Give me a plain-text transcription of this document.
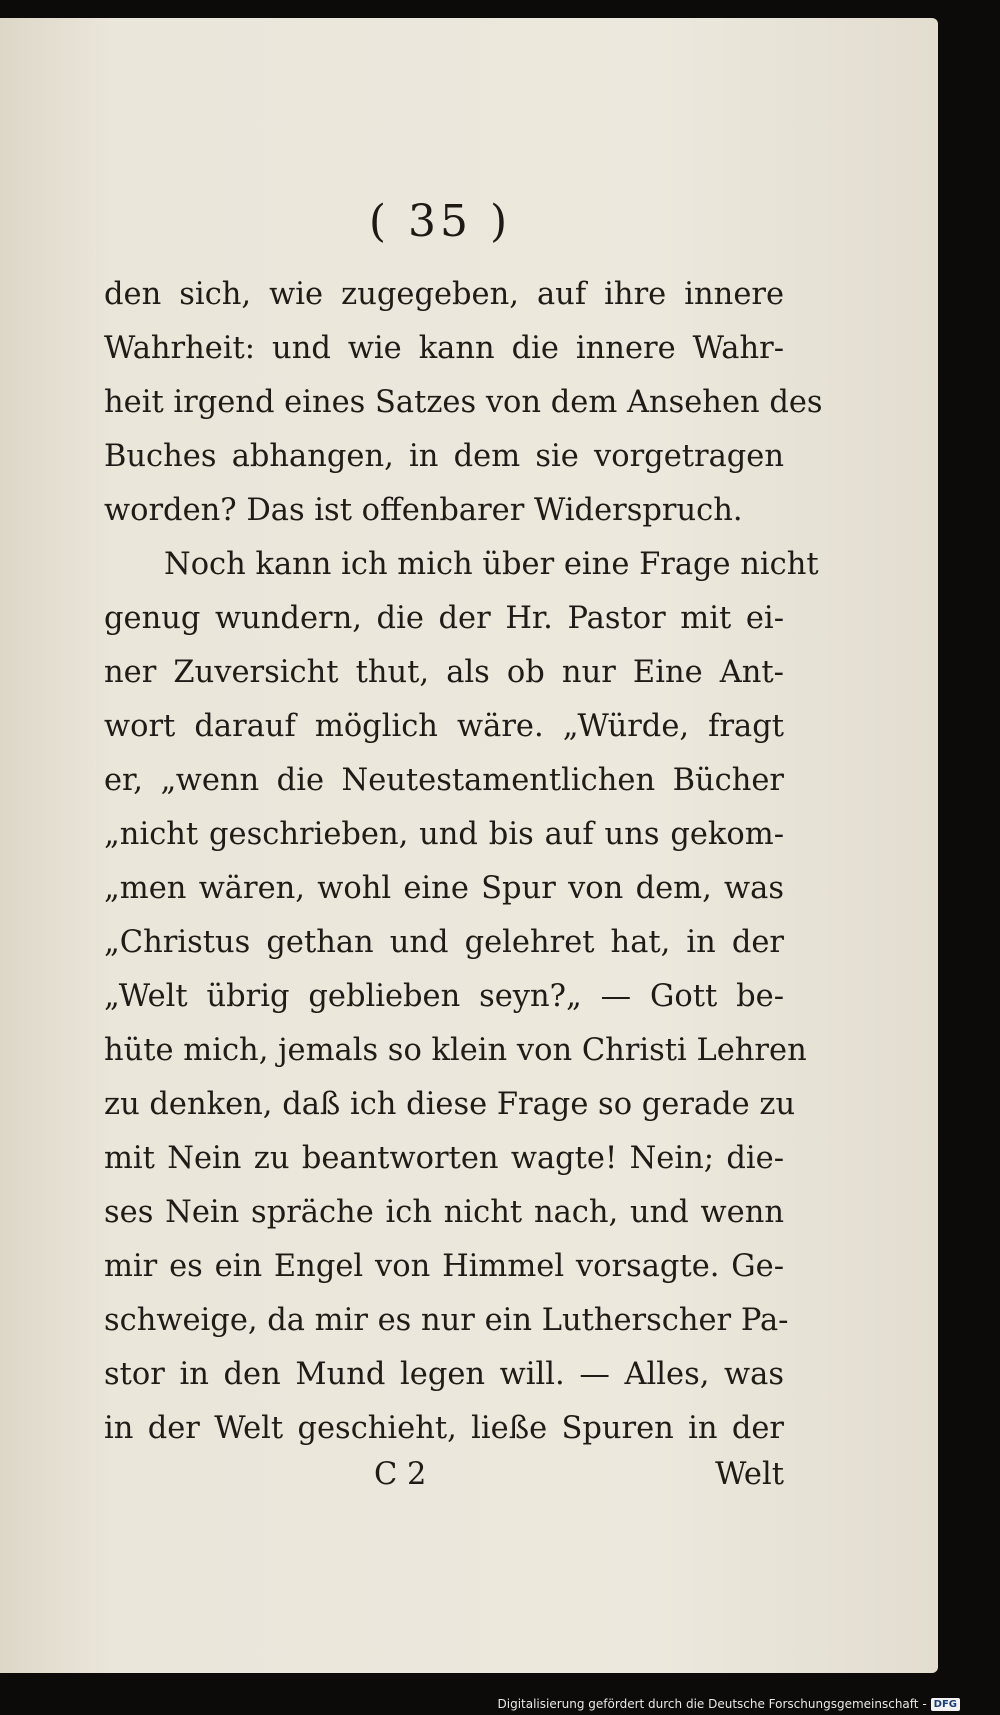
( 35 )
den sich, wie zugegeben, auf ihre innere
Wahrheit: und wie kann die innere Wahr-
heit irgend eines Satzes von dem Ansehen des
Buches abhangen, in dem sie vorgetragen
worden? Das ist offenbarer Widerspruch.
Noch kann ich mich über eine Frage nicht
genug wundern, die der Hr. Pastor mit ei-
ner Zuversicht thut, als ob nur Eine Ant-
wort darauf möglich wäre. „Würde, fragt
er, „wenn die Neutestamentlichen Bücher
„nicht geschrieben, und bis auf uns gekom-
„men wären, wohl eine Spur von dem, was
„Christus gethan und gelehret hat, in der
„Welt übrig geblieben seyn?„ — Gott be-
hüte mich, jemals so klein von Christi Lehren
zu denken, daß ich diese Frage so gerade zu
mit Nein zu beantworten wagte! Nein; die-
ses Nein spräche ich nicht nach, und wenn
mir es ein Engel von Himmel vorsagte. Ge-
schweige, da mir es nur ein Lutherscher Pa-
stor in den Mund legen will. — Alles, was
in der Welt geschieht, ließe Spuren in der
C 2	Welt
Digitalisierung gefördert durch die Deutsche Forschungsgemeinschaft - DFG
